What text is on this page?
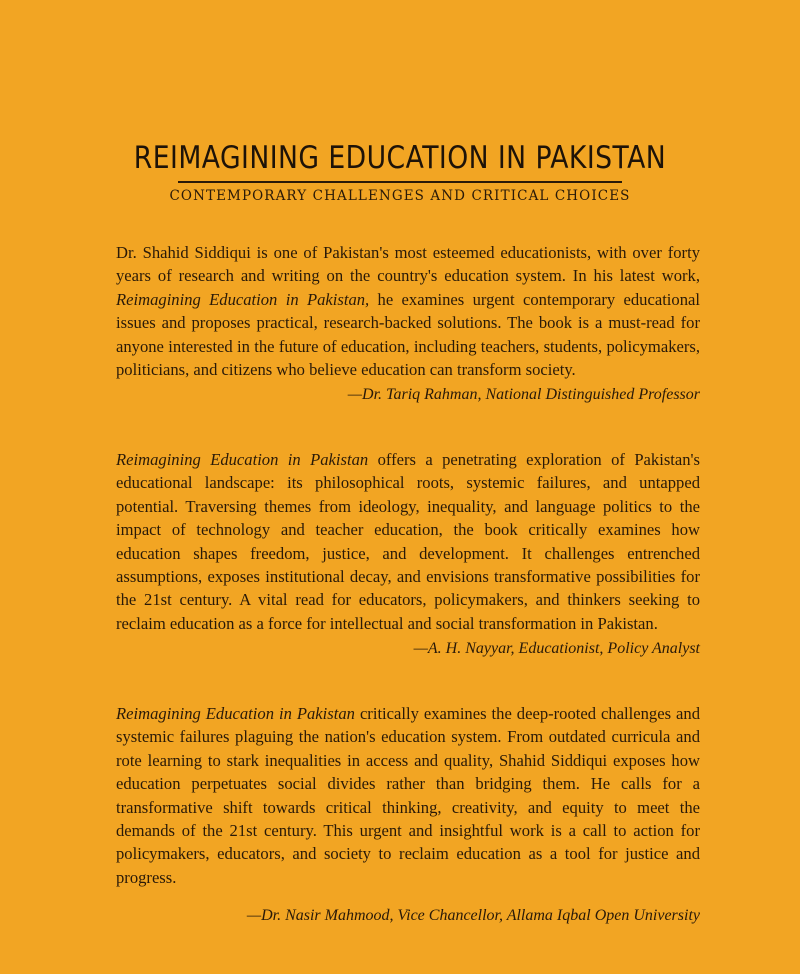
REIMAGINING EDUCATION IN PAKISTAN
CONTEMPORARY CHALLENGES AND CRITICAL CHOICES

Dr. Shahid Siddiqui is one of Pakistan's most esteemed educationists, with over forty years of research and writing on the country's education system. In his latest work, Reimagining Education in Pakistan, he examines urgent contemporary educational issues and proposes practical, research-backed solutions. The book is a must-read for anyone interested in the future of education, including teachers, students, policymakers, politicians, and citizens who believe education can transform society.

—Dr. Tariq Rahman, National Distinguished Professor

Reimagining Education in Pakistan offers a penetrating exploration of Pakistan's educational landscape: its philosophical roots, systemic failures, and untapped potential. Traversing themes from ideology, inequality, and language politics to the impact of technology and teacher education, the book critically examines how education shapes freedom, justice, and development. It challenges entrenched assumptions, exposes institutional decay, and envisions transformative possibilities for the 21st century. A vital read for educators, policymakers, and thinkers seeking to reclaim education as a force for intellectual and social transformation in Pakistan.

—A. H. Nayyar, Educationist, Policy Analyst

Reimagining Education in Pakistan critically examines the deep-rooted challenges and systemic failures plaguing the nation's education system. From outdated curricula and rote learning to stark inequalities in access and quality, Shahid Siddiqui exposes how education perpetuates social divides rather than bridging them. He calls for a transformative shift towards critical thinking, creativity, and equity to meet the demands of the 21st century. This urgent and insightful work is a call to action for policymakers, educators, and society to reclaim education as a tool for justice and progress.

—Dr. Nasir Mahmood, Vice Chancellor, Allama Iqbal Open University
